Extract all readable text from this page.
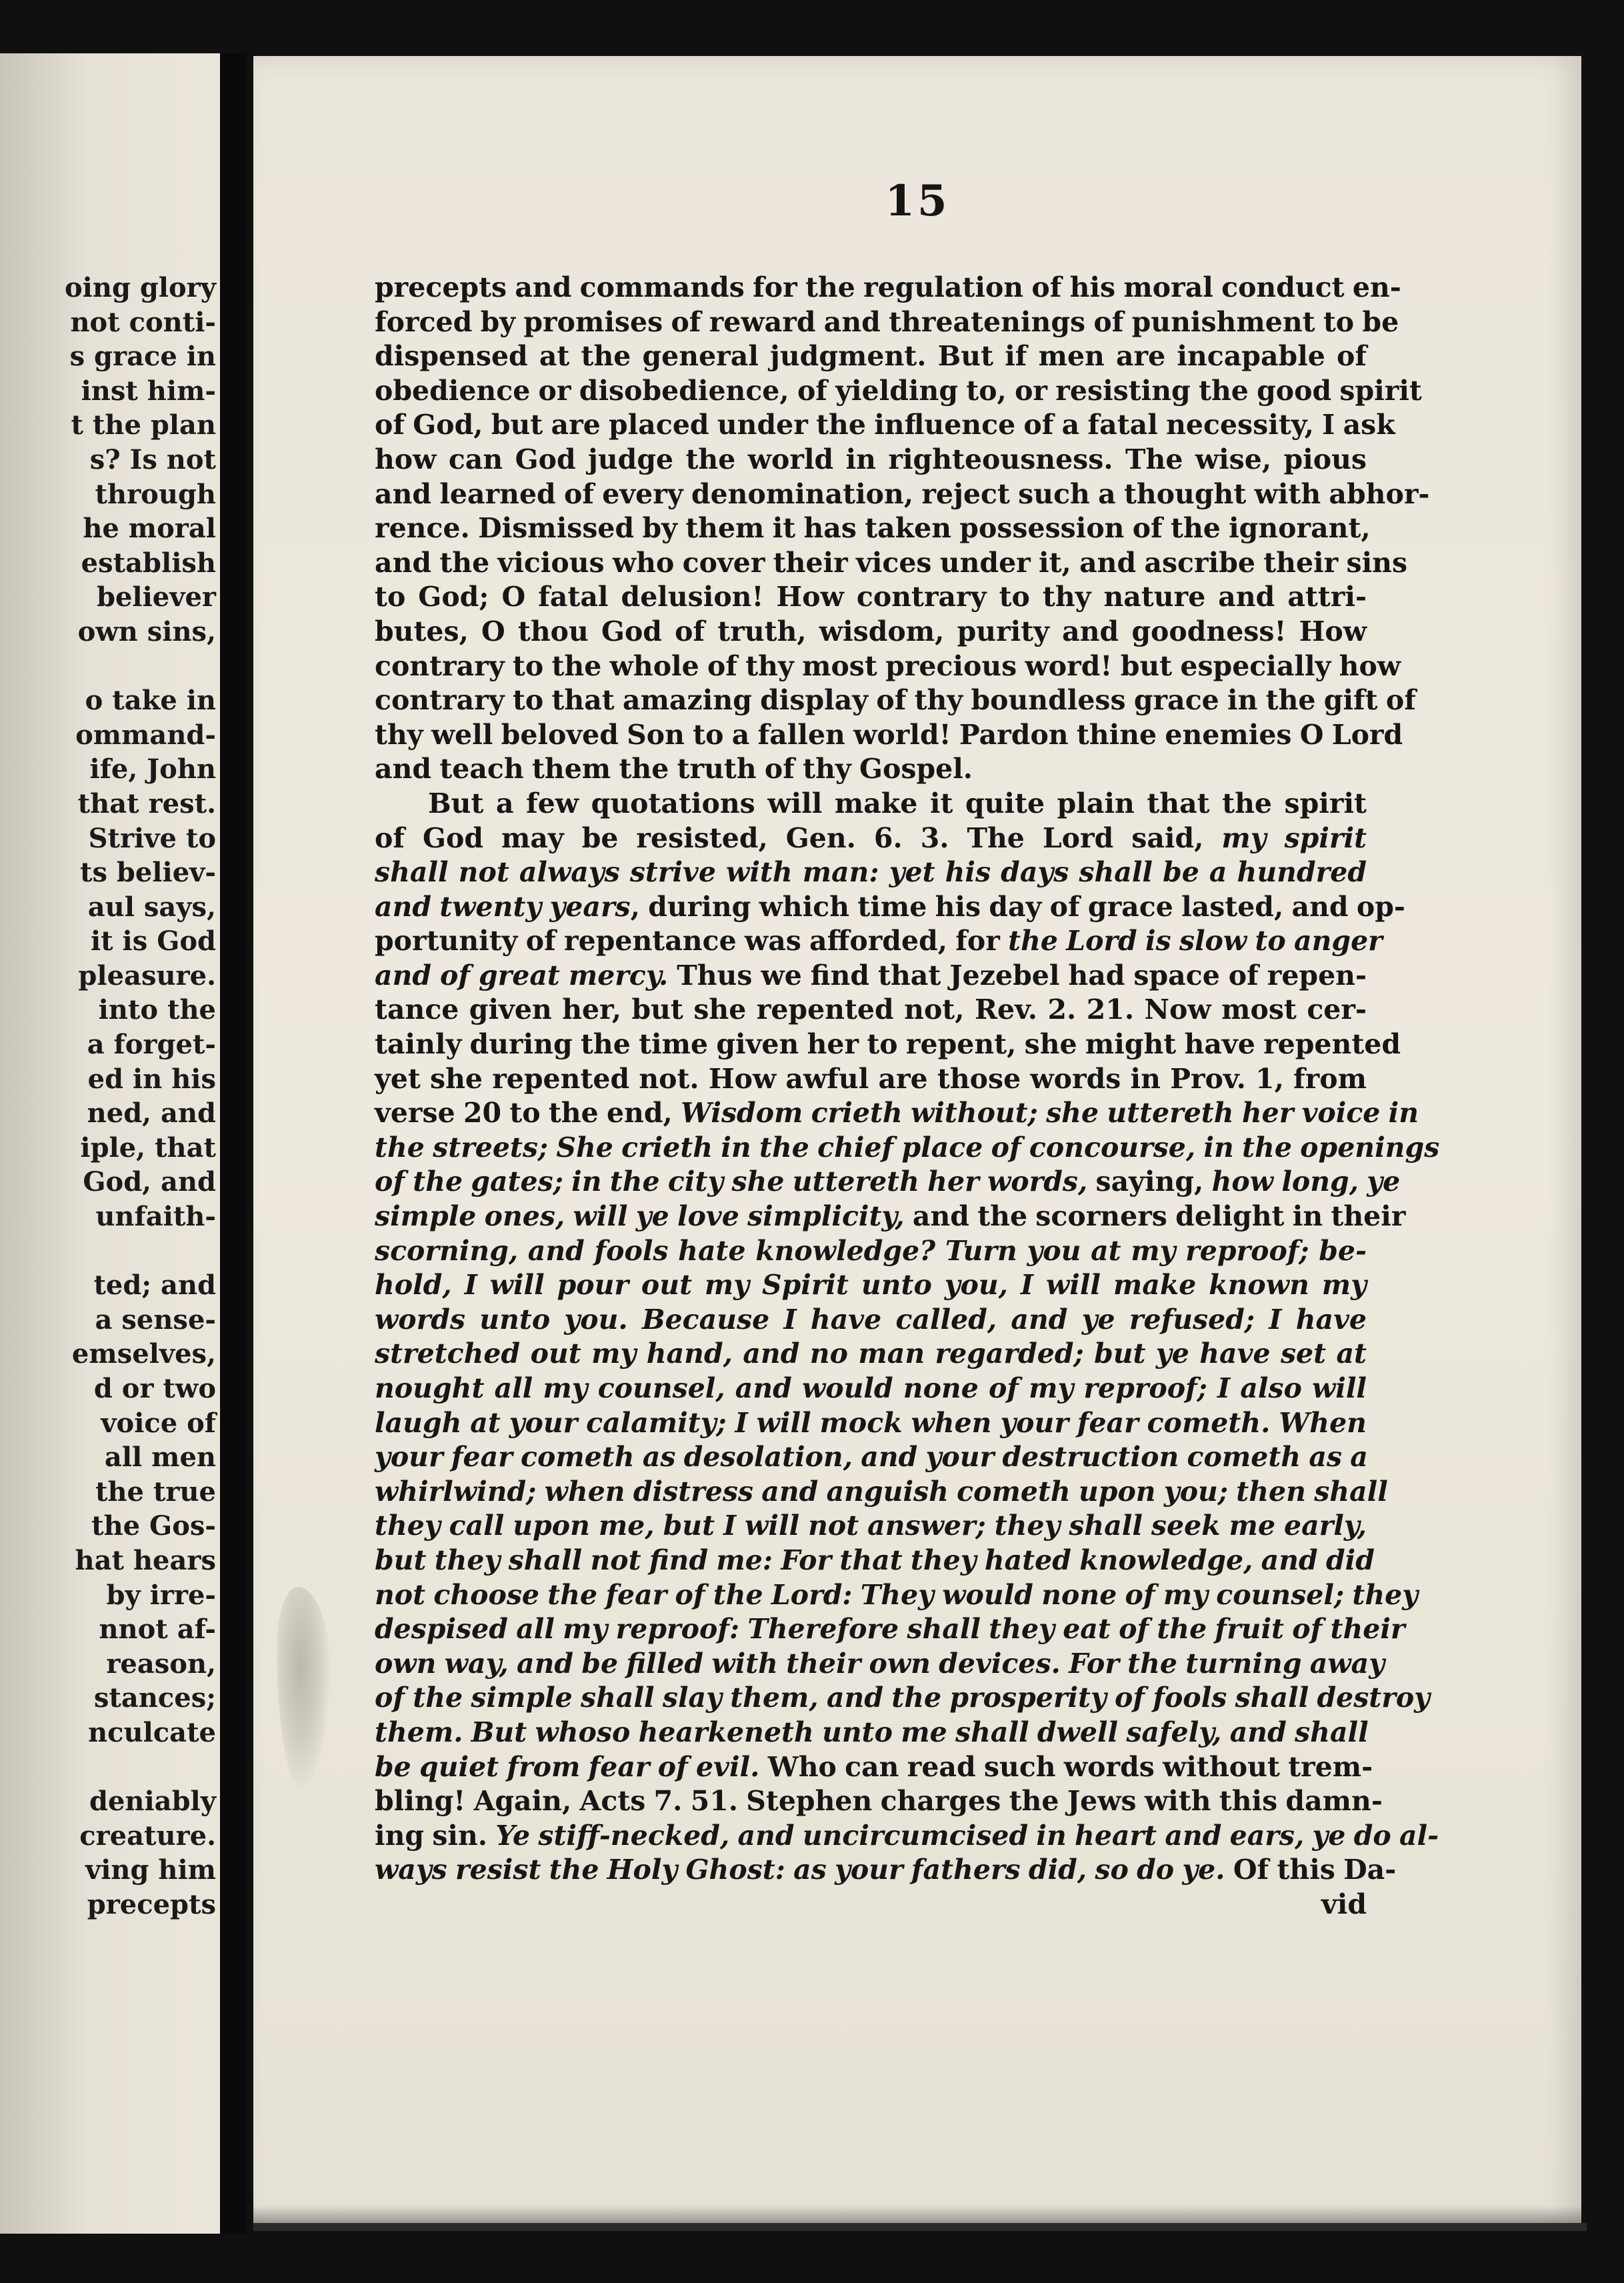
oing glory
not conti-
s grace in
inst him-
t the plan
s? Is not
through
he moral
establish
believer
own sins,
o take in
ommand-
ife, John
that rest.
Strive to
ts believ-
aul says,
it is God
pleasure.
into the
a forget-
ed in his
ned, and
iple, that
God, and
unfaith-
ted; and
a sense-
emselves,
d or two
voice of
all men
the true
the Gos-
hat hears
by irre-
nnot af-
reason,
stances;
nculcate
deniably
creature.
ving him
precepts
15
precepts and commands for the regulation of his moral conduct en-
forced by promises of reward and threatenings of punishment to be
dispensed at the general judgment. But if men are incapable of
obedience or disobedience, of yielding to, or resisting the good spirit
of God, but are placed under the influence of a fatal necessity, I ask
how can God judge the world in righteousness. The wise, pious
and learned of every denomination, reject such a thought with abhor-
rence. Dismissed by them it has taken possession of the ignorant,
and the vicious who cover their vices under it, and ascribe their sins
to God; O fatal delusion! How contrary to thy nature and attri-
butes, O thou God of truth, wisdom, purity and goodness! How
contrary to the whole of thy most precious word! but especially how
contrary to that amazing display of thy boundless grace in the gift of
thy well beloved Son to a fallen world! Pardon thine enemies O Lord
and teach them the truth of thy Gospel.
But a few quotations will make it quite plain that the spirit
of God may be resisted, Gen. 6. 3. The Lord said, my spirit
shall not always strive with man: yet his days shall be a hundred
and twenty years, during which time his day of grace lasted, and op-
portunity of repentance was afforded, for the Lord is slow to anger
and of great mercy. Thus we find that Jezebel had space of repen-
tance given her, but she repented not, Rev. 2. 21. Now most cer-
tainly during the time given her to repent, she might have repented
yet she repented not. How awful are those words in Prov. 1, from
verse 20 to the end, Wisdom crieth without; she uttereth her voice in
the streets; She crieth in the chief place of concourse, in the openings
of the gates; in the city she uttereth her words, saying, how long, ye
simple ones, will ye love simplicity, and the scorners delight in their
scorning, and fools hate knowledge? Turn you at my reproof; be-
hold, I will pour out my Spirit unto you, I will make known my
words unto you. Because I have called, and ye refused; I have
stretched out my hand, and no man regarded; but ye have set at
nought all my counsel, and would none of my reproof; I also will
laugh at your calamity; I will mock when your fear cometh. When
your fear cometh as desolation, and your destruction cometh as a
whirlwind; when distress and anguish cometh upon you; then shall
they call upon me, but I will not answer; they shall seek me early,
but they shall not find me: For that they hated knowledge, and did
not choose the fear of the Lord: They would none of my counsel; they
despised all my reproof: Therefore shall they eat of the fruit of their
own way, and be filled with their own devices. For the turning away
of the simple shall slay them, and the prosperity of fools shall destroy
them. But whoso hearkeneth unto me shall dwell safely, and shall
be quiet from fear of evil. Who can read such words without trem-
bling! Again, Acts 7. 51. Stephen charges the Jews with this damn-
ing sin. Ye stiff-necked, and uncircumcised in heart and ears, ye do al-
ways resist the Holy Ghost: as your fathers did, so do ye. Of this Da-
vid
